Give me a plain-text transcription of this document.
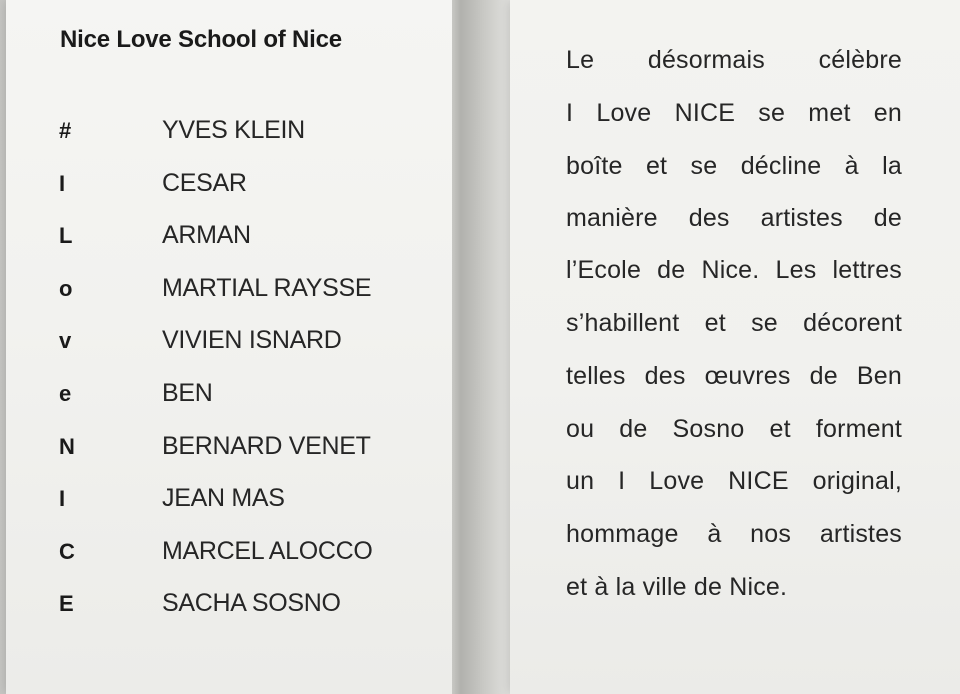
Nice Love School of Nice
#	YVES KLEIN
I	CESAR
L	ARMAN
o	MARTIAL RAYSSE
v	VIVIEN ISNARD
e	BEN
N	BERNARD VENET
I	JEAN MAS
C	MARCEL ALOCCO
E	SACHA SOSNO
Le désormais célèbre
I Love NICE se met en
boîte et se décline à la
manière des artistes de
l’Ecole de Nice. Les lettres
s’habillent et se décorent
telles des œuvres de Ben
ou de Sosno et forment
un I Love NICE original,
hommage à nos artistes
et à la ville de Nice.
